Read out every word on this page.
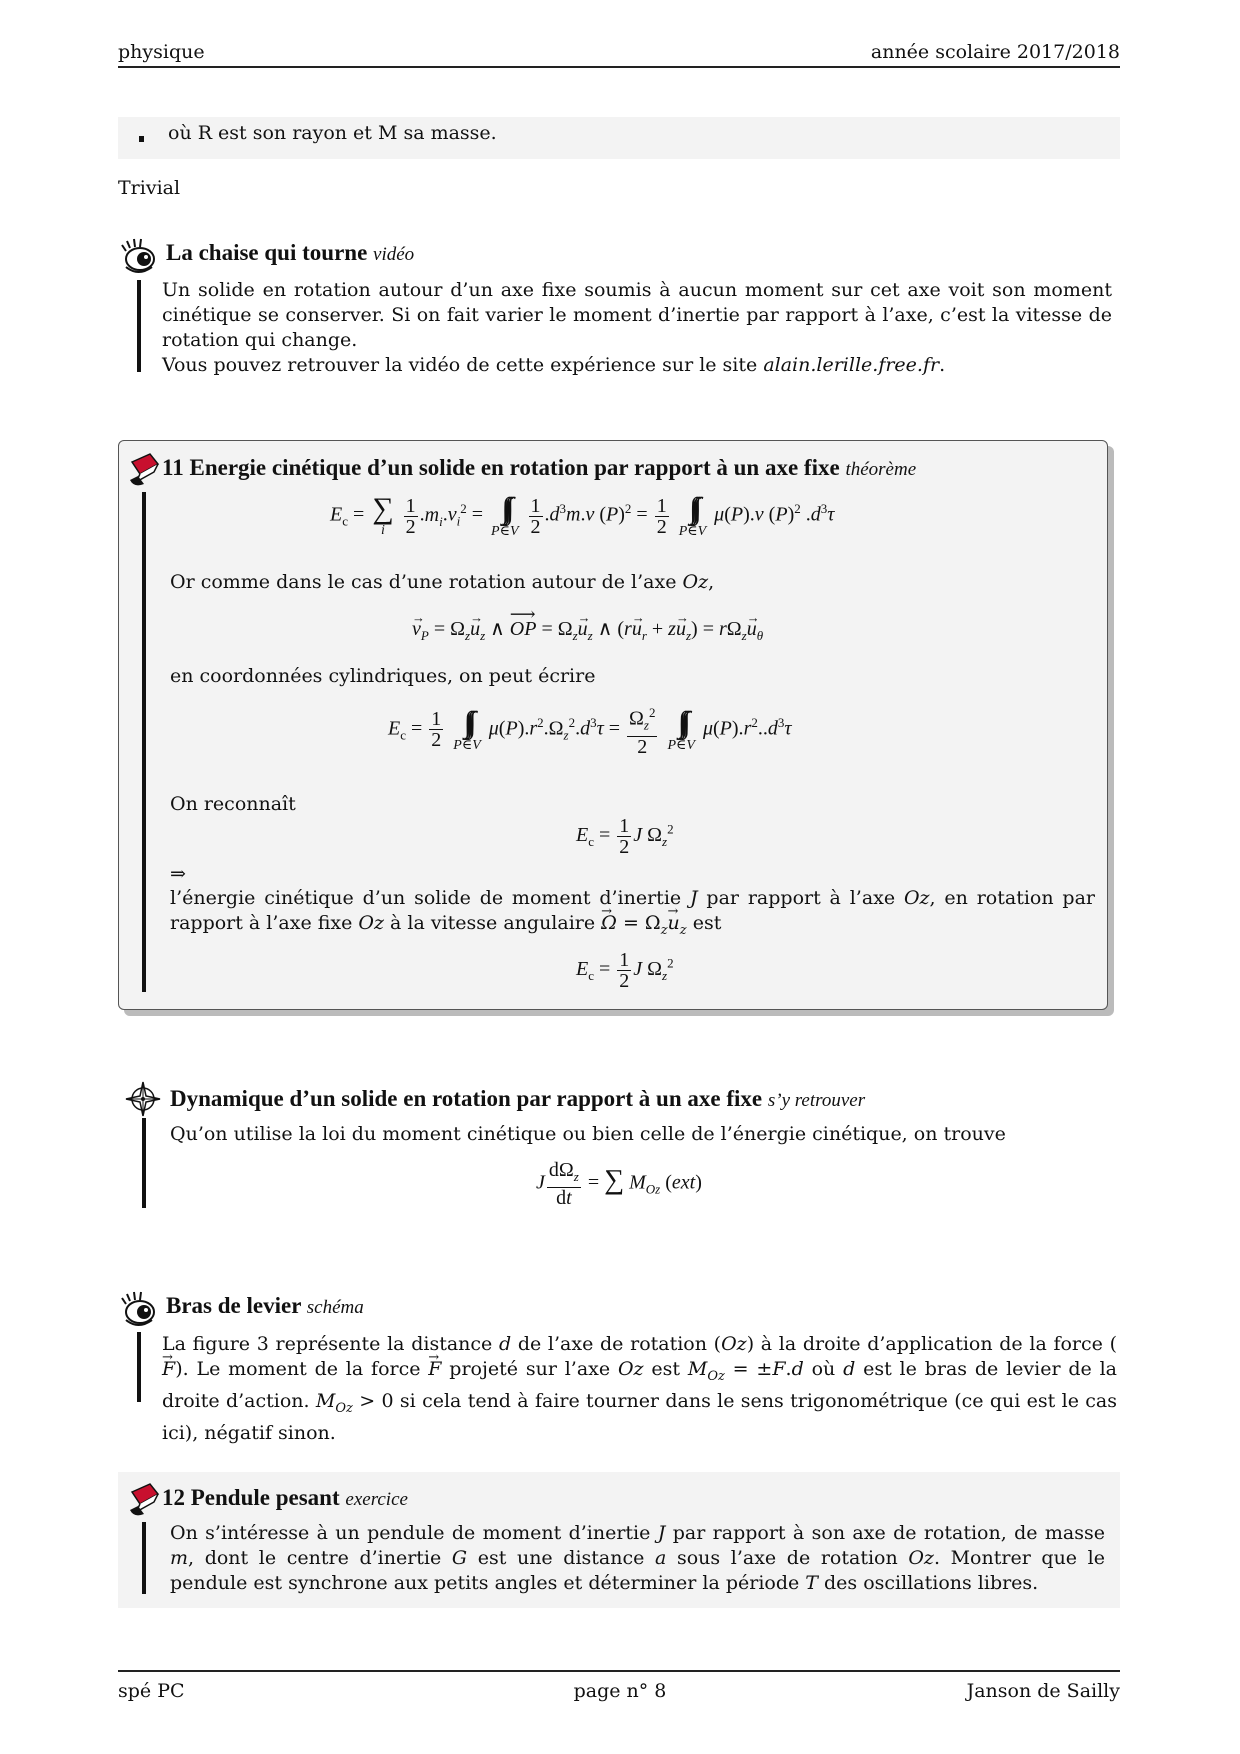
physique	année scolaire 2017/2018
où R est son rayon et M sa masse.
Trivial
La chaise qui tourne vidéo
Un solide en rotation autour d’un axe fixe soumis à aucun moment sur cet axe voit son moment cinétique se conserver. Si on fait varier le moment d’inertie par rapport à l’axe, c’est la vitesse de rotation qui change.
Vous pouvez retrouver la vidéo de cette expérience sur le site alain.lerille.free.fr.
11 Energie cinétique d’un solide en rotation par rapport à un axe fixe théorème
$E_c$ = ∑
i
$\frac{1}{2} .m_i.v_i^2$ = ∫∫∫
P∈V
$\frac{1}{2} .d^3m.v$ $(P)^2 = \frac{1}{2}$
∫∫∫
P∈V
μ(P).v $(P)^2$ $.d^3\tau$
Or comme dans le cas d’une rotation autour de l’axe Oz,
→ $v_P = \Omega_z\to u_z$ ∧ ⟶ OP = $\Omega_z\to u_z$ ∧ $(r\to u_r + z\to u_z) = r\Omega_z\to u_\theta$
en coordonnées cylindriques, on peut écrire
$E_c = \frac{1}{2}$
∫∫∫
P∈V
$\mu(P).r^2.\Omega_z^2.d^3\tau = \frac{\Omega_z^2}{2}$
∫∫∫
P∈V
$\mu(P).r^2..d^3\tau$
On reconnaît
$E_c = \frac{1}{2}$ J $\Omega_z^2$
⇒
l’énergie cinétique d’un solide de moment d’inertie J par rapport à l’axe Oz, en rotation par rapport à l’axe fixe Oz à la vitesse angulaire → $\Omega = \Omega_z\to u_z$ est
$E_c = \frac{1}{2}$ J $\Omega_z^2$
Dynamique d’un solide en rotation par rapport à un axe fixe s’y retrouver
Qu’on utilise la loi du moment cinétique ou bien celle de l’énergie cinétique, on trouve
J $\frac{d\Omega_z}{dt}$ = ∑ $M_{Oz}$ (ext)
Bras de levier schéma
La figure 3 représente la distance d de l’axe de rotation (Oz) à la droite d’application de la force (→ F). Le moment de la force → F projeté sur l’axe Oz est $M_{Oz} = \pm F.d$ où d est le bras de levier de la droite d’action. $M_{Oz} > 0$ si cela tend à faire tourner dans le sens trigonométrique (ce qui est le cas ici), négatif sinon.
12 Pendule pesant exercice
On s’intéresse à un pendule de moment d’inertie J par rapport à son axe de rotation, de masse m, dont le centre d’inertie G est une distance a sous l’axe de rotation Oz. Montrer que le pendule est synchrone aux petits angles et déterminer la période T des oscillations libres.
spé PC	page n° 8	Janson de Sailly
